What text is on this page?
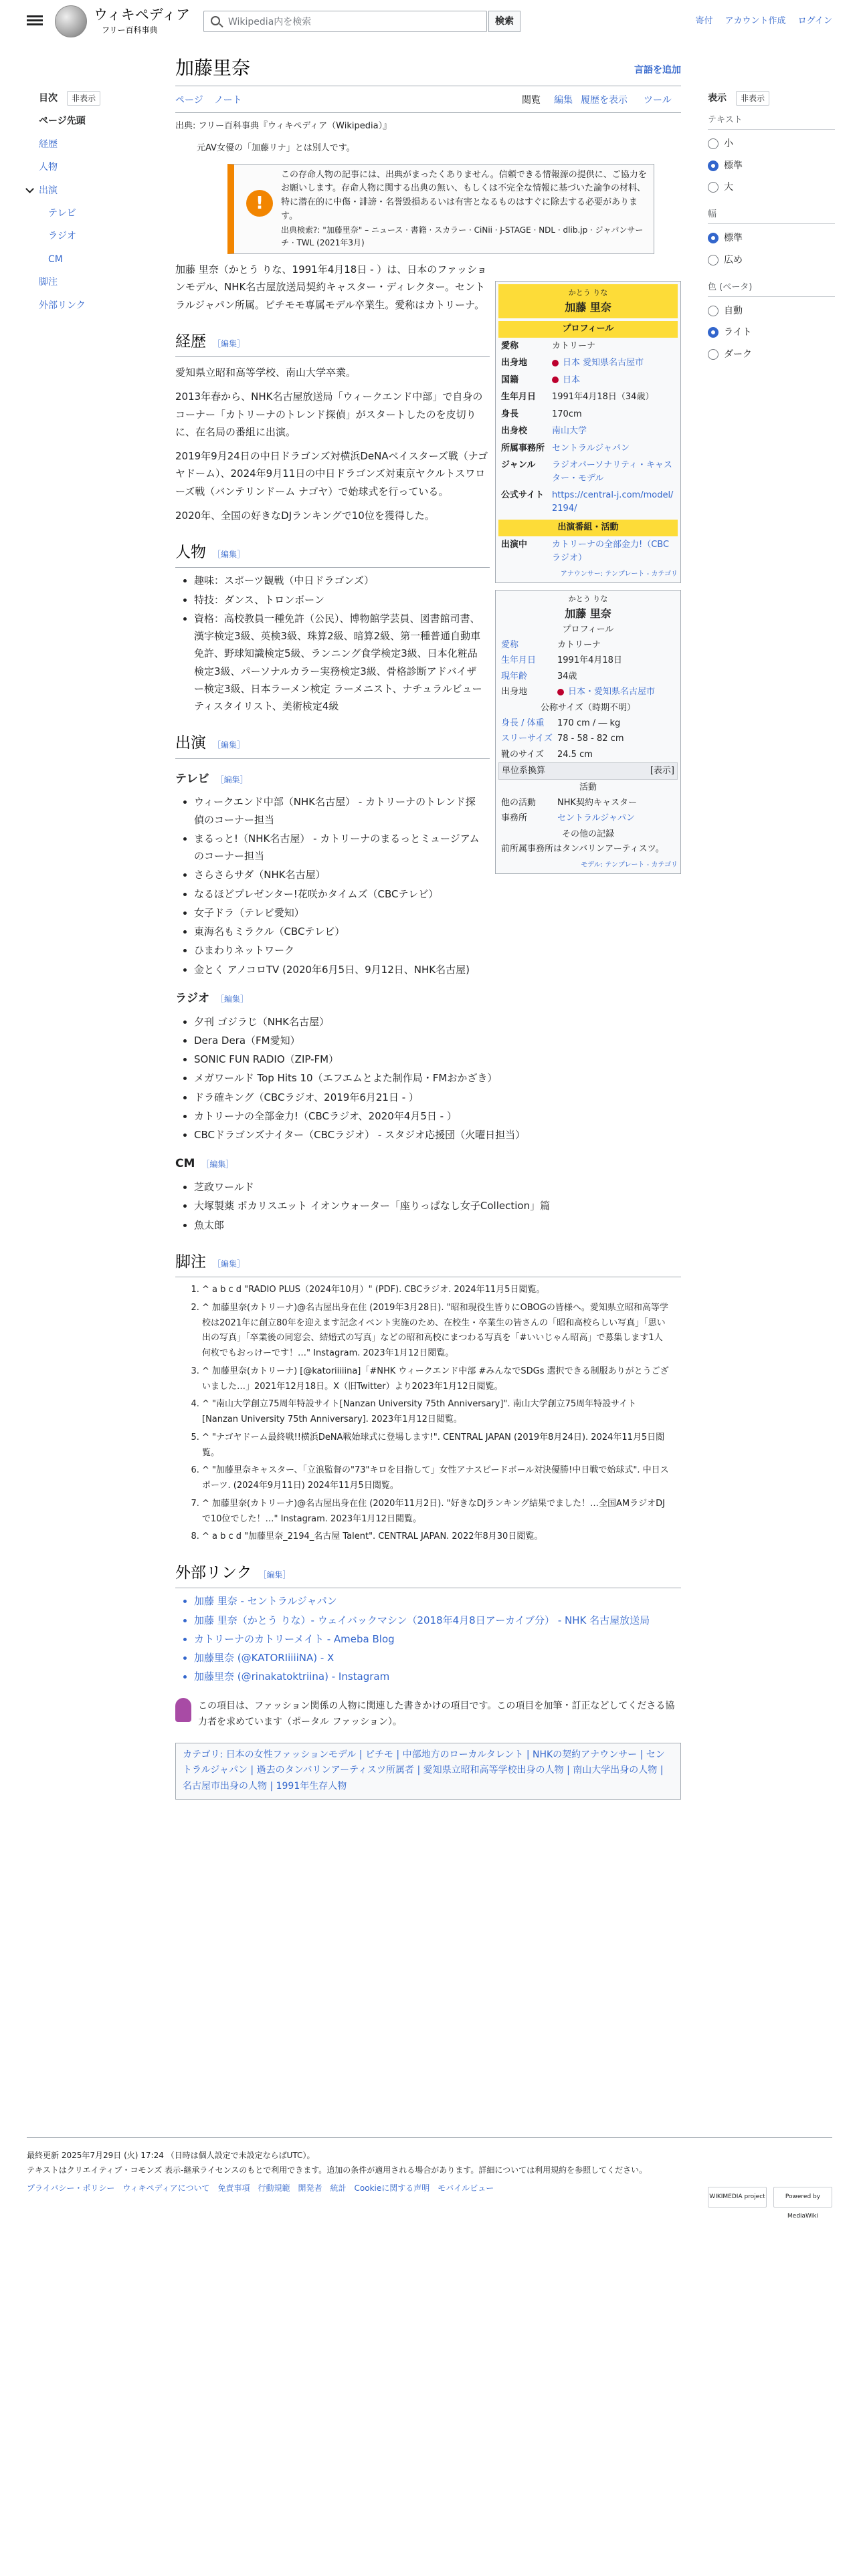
ウィキペディア
フリー百科事典
Wikipedia内を検索	検索	寄付 アカウント作成 ログイン
目次	非表示
ページ先頭
経歴
人物
出演
テレビ
ラジオ
CM
脚注
外部リンク
加藤里奈	言語を追加
ページ ノート	閲覧 編集 履歴を表示 ツール
出典: フリー百科事典『ウィキペディア（Wikipedia）』
元AV女優の「加藤リナ」とは別人です。
!
この存命人物の記事には、出典がまったくありません。信頼できる情報源の提供に、ご協力をお願いします。存命人物に関する出典の無い、もしくは不完全な情報に基づいた論争の材料、特に潜在的に中傷・誹謗・名誉毀損あるいは有害となるものはすぐに除去する必要があります。
出典検索?: "加藤里奈" – ニュース · 書籍 · スカラー · CiNii · J-STAGE · NDL · dlib.jp · ジャパンサーチ · TWL (2021年3月)

加藤 里奈（かとう りな、1991年4月18日 - ）は、日本のファッションモデル、NHK名古屋放送局契約キャスター・ディレクター。セントラルジャパン所属。ピチモモ専属モデル卒業生。愛称はカトリーナ。

経歴 ［編集］

愛知県立昭和高等学校、南山大学卒業。

2013年春から、NHK名古屋放送局「ウィークエンド中部」で自身のコーナー「カトリーナのトレンド探偵」がスタートしたのを皮切りに、在名局の番組に出演。

2019年9月24日の中日ドラゴンズ対横浜DeNAベイスターズ戦（ナゴヤドーム）、2024年9月11日の中日ドラゴンズ対東京ヤクルトスワローズ戦（バンテリンドーム ナゴヤ）で始球式を行っている。

2020年、全国の好きなDJランキングで10位を獲得した。

人物 ［編集］
• 趣味：スポーツ観戦（中日ドラゴンズ）
• 特技：ダンス、トロンボーン
• 資格：高校教員一種免許（公民）、博物館学芸員、図書館司書、漢字検定3級、英検3級、珠算2級、暗算2級、第一種普通自動車免許、野球知識検定5級、ランニング食学検定3級、日本化粧品検定3級、パーソナルカラー実務検定3級、骨格診断アドバイザー検定3級、日本ラーメン検定 ラーメニスト、ナチュラルビューティスタイリスト、美術検定4級
出演 ［編集］
テレビ ［編集］
• ウィークエンド中部（NHK名古屋） - カトリーナのトレンド探偵のコーナー担当
• まるっと!（NHK名古屋） - カトリーナのまるっとミュージアムのコーナー担当
• さらさらサダ（NHK名古屋）
• なるほどプレゼンター!花咲かタイムズ（CBCテレビ）
• 女子ドラ（テレビ愛知）
• 東海名もミラクル（CBCテレビ）
• ひまわりネットワーク
• 金とく アノコロTV (2020年6月5日、9月12日、NHK名古屋)
ラジオ ［編集］
• 夕刊 ゴジラじ（NHK名古屋）
• Dera Dera（FM愛知）
• SONIC FUN RADIO（ZIP-FM）
• メガワールド Top Hits 10（エフエムとよた制作局・FMおかざき）
• ドラ確キング（CBCラジオ、2019年6月21日 - ）
• カトリーナの全部金力!（CBCラジオ、2020年4月5日 - ）
• CBCドラゴンズナイター（CBCラジオ） - スタジオ応援団（火曜日担当）
CM ［編集］
• 芝政ワールド
• 大塚製薬 ポカリスエット イオンウォーター「座りっぱなし女子Collection」篇
• 魚太郎
脚注 ［編集］
1. ^ a b c d "RADIO PLUS（2024年10月）" (PDF). CBCラジオ. 2024年11月5日閲覧。
2. ^ 加藤里奈(カトリーナ)@名古屋出身在住 (2019年3月28日). "昭和現役生皆りにOBOGの皆様へ。愛知県立昭和高等学校は2021年に創立80年を迎えます記念イベント実施のため、在校生・卒業生の皆さんの「昭和高校らしい写真」「思い出の写真」「卒業後の同窓会、結婚式の写真」などの昭和高校にまつわる写真を「#いいじゃん昭高」で募集します1人何枚でもおっけーです！…" Instagram. 2023年1月12日閲覧。
3. ^ 加藤里奈(カトリーナ) [@katoriiiiina]「#NHK ウィークエンド中部 #みんなでSDGs 選択できる制服ありがとうございました…」2021年12月18日。X（旧Twitter）より2023年1月12日閲覧。
4. ^ "南山大学創立75周年特設サイト[Nanzan University 75th Anniversary]". 南山大学創立75周年特設サイト[Nanzan University 75th Anniversary]. 2023年1月12日閲覧。
5. ^ "ナゴヤドーム最終戦!!横浜DeNA戦始球式に登場します!". CENTRAL JAPAN (2019年8月24日). 2024年11月5日閲覧。
6. ^ "加藤里奈キャスター、「立浪監督の"73"キロを目指して」女性アナスピードボール対決優勝!中日戦で始球式". 中日スポーツ. (2024年9月11日) 2024年11月5日閲覧。
7. ^ 加藤里奈(カトリーナ)@名古屋出身在住 (2020年11月2日). "好きなDJランキング結果でました！…全国AMラジオDJで10位でした！…" Instagram. 2023年1月12日閲覧。
8. ^ a b c d "加藤里奈_2194_名古屋 Talent". CENTRAL JAPAN. 2022年8月30日閲覧。
外部リンク ［編集］
• 加藤 里奈 - セントラルジャパン
• 加藤 里奈（かとう りな）- ウェイバックマシン（2018年4月8日アーカイブ分） - NHK 名古屋放送局
• カトリーナのカトリーメイト - Ameba Blog
• 加藤里奈 (@KATORIiiiiNA) - X
• 加藤里奈 (@rinakatoktriina) - Instagram
この項目は、ファッション関係の人物に関連した書きかけの項目です。この項目を加筆・訂正などしてくださる協力者を求めています（ポータル ファッション）。
カテゴリ: 日本の女性ファッションモデル | ピチモ | 中部地方のローカルタレント | NHKの契約アナウンサー | セントラルジャパン | 過去のタンバリンアーティスツ所属者 | 愛知県立昭和高等学校出身の人物 | 南山大学出身の人物 | 名古屋市出身の人物 | 1991年生存人物
かとう りな
加藤 里奈
プロフィール
愛称	カトリーナ
出身地	日本 愛知県名古屋市
国籍	日本
生年月日	1991年4月18日（34歳）
身長	170cm
出身校	南山大学
所属事務所 セントラルジャパン
ジャンル	ラジオパーソナリティ・キャスター・モデル
公式サイト https://central-j.com/model/2194/
出演番組・活動
出演中	カトリーナの全部金力!（CBCラジオ）
アナウンサー: テンプレート - カテゴリ
かとう りな
加藤 里奈
プロフィール
愛称	カトリーナ
生年月日	1991年4月18日
現年齢	34歳
出身地	日本・愛知県名古屋市
公称サイズ（時期不明）
身長 / 体重	170 cm / ― kg
スリーサイズ 78 - 58 - 82 cm
靴のサイズ	24.5 cm
単位系換算	[表示]
活動
他の活動	NHK契約キャスター
事務所	セントラルジャパン
その他の記録
前所属事務所はタンバリンアーティスツ。
モデル: テンプレート - カテゴリ
表示	非表示
テキスト
小
標準
大
幅
標準
広め
色 (ベータ)
自動
ライト
ダーク
最終更新 2025年7月29日 (火) 17:24 （日時は個人設定で未設定ならばUTC）。
テキストはクリエイティブ・コモンズ 表示-継承ライセンスのもとで利用できます。追加の条件が適用される場合があります。詳細については利用規約を参照してください。
プライバシー・ポリシー　ウィキペディアについて　免責事項　行動規範　開発者　統計　Cookieに関する声明　モバイルビュー
WIKIMEDIA project	Powered by MediaWiki
